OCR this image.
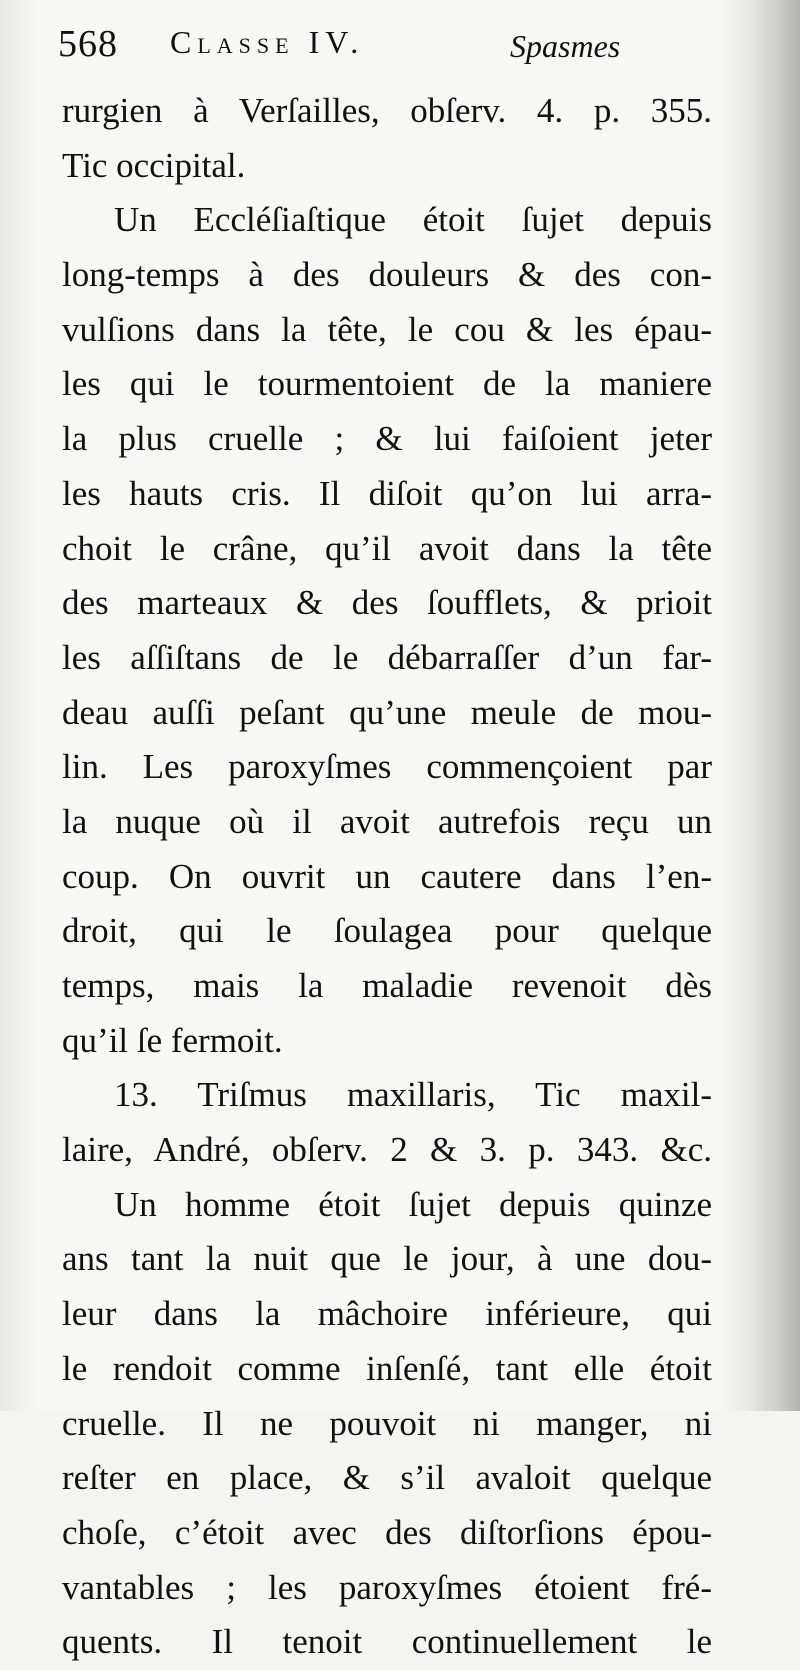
568 Classe IV.	Spasmes
rurgien à Verſailles, obſerv. 4. p. 355.
Tic occipital.
Un Eccléſiaſtique étoit ſujet depuis
long-temps à des douleurs & des con-
vulſions dans la tête, le cou & les épau-
les qui le tourmentoient de la maniere
la plus cruelle ; & lui faiſoient jeter
les hauts cris. Il diſoit qu’on lui arra-
choit le crâne, qu’il avoit dans la tête
des marteaux & des ſoufflets, & prioit
les aſſiſtans de le débarraſſer d’un far-
deau auſſi peſant qu’une meule de mou-
lin. Les paroxyſmes commençoient par
la nuque où il avoit autrefois reçu un
coup. On ouvrit un cautere dans l’en-
droit, qui le ſoulagea pour quelque
temps, mais la maladie revenoit dès
qu’il ſe fermoit.
13. Triſmus maxillaris, Tic maxil-
laire, André, obſerv. 2 & 3. p. 343. &c.
Un homme étoit ſujet depuis quinze
ans tant la nuit que le jour, à une dou-
leur dans la mâchoire inférieure, qui
le rendoit comme inſenſé, tant elle étoit
cruelle. Il ne pouvoit ni manger, ni
reſter en place, & s’il avaloit quelque
choſe, c’étoit avec des diſtorſions épou-
vantables ; les paroxyſmes étoient fré-
quents. Il tenoit continuellement le
